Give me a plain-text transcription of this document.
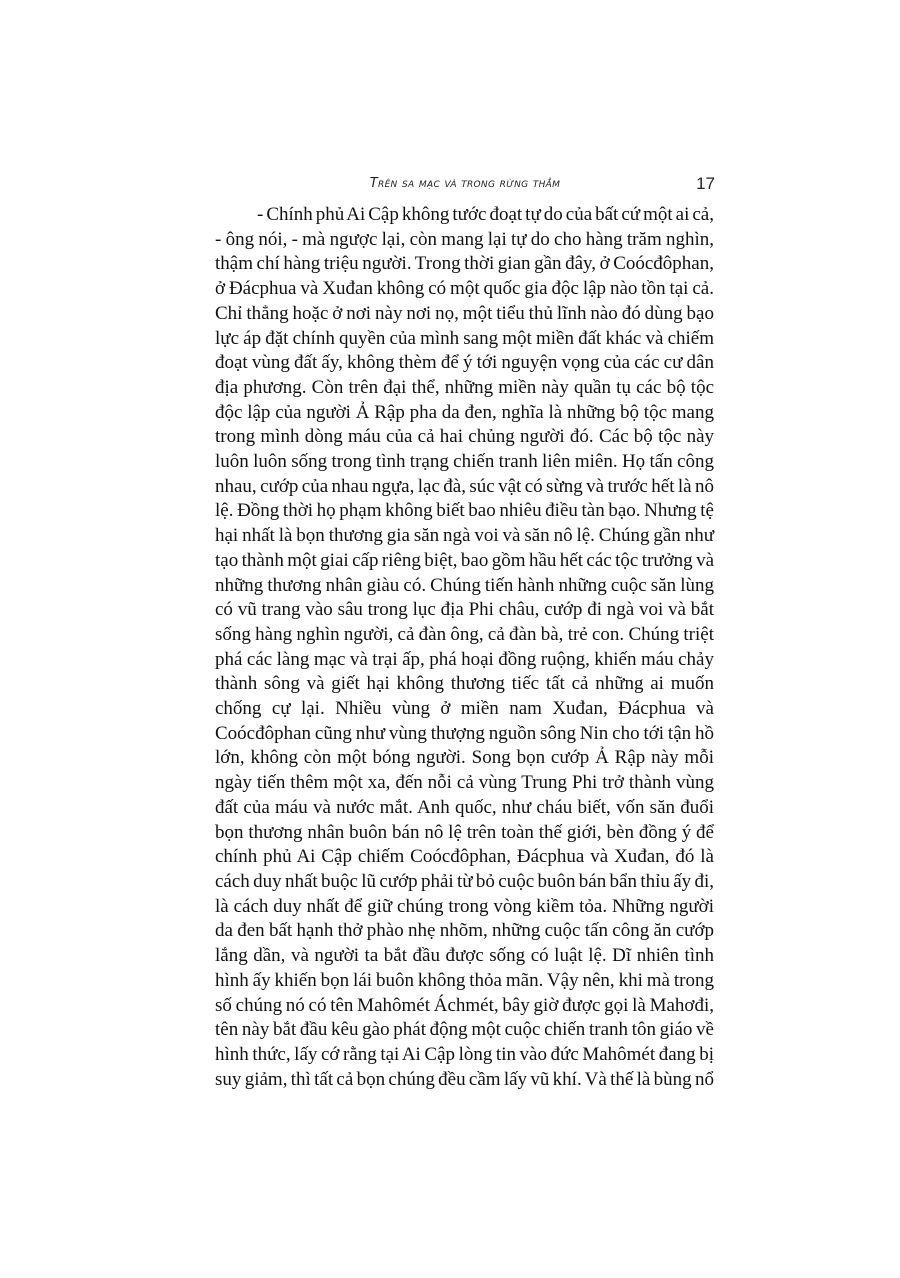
Trên sa mạc và trong rừng thẳm	17
- Chính phủ Ai Cập không tước đoạt tự do của bất cứ một ai cả,
- ông nói, - mà ngược lại, còn mang lại tự do cho hàng trăm nghìn,
thậm chí hàng triệu người. Trong thời gian gần đây, ở Coócđôphan,
ở Đácphua và Xuđan không có một quốc gia độc lập nào tồn tại cả.
Chỉ thẳng hoặc ở nơi này nơi nọ, một tiểu thủ lĩnh nào đó dùng bạo
lực áp đặt chính quyền của mình sang một miền đất khác và chiếm
đoạt vùng đất ấy, không thèm để ý tới nguyện vọng của các cư dân
địa phương. Còn trên đại thể, những miền này quần tụ các bộ tộc
độc lập của người Ả Rập pha da đen, nghĩa là những bộ tộc mang
trong mình dòng máu của cả hai chủng người đó. Các bộ tộc này
luôn luôn sống trong tình trạng chiến tranh liên miên. Họ tấn công
nhau, cướp của nhau ngựa, lạc đà, súc vật có sừng và trước hết là nô
lệ. Đồng thời họ phạm không biết bao nhiêu điều tàn bạo. Nhưng tệ
hại nhất là bọn thương gia săn ngà voi và săn nô lệ. Chúng gần như
tạo thành một giai cấp riêng biệt, bao gồm hầu hết các tộc trưởng và
những thương nhân giàu có. Chúng tiến hành những cuộc săn lùng
có vũ trang vào sâu trong lục địa Phi châu, cướp đi ngà voi và bắt
sống hàng nghìn người, cả đàn ông, cả đàn bà, trẻ con. Chúng triệt
phá các làng mạc và trại ấp, phá hoại đồng ruộng, khiến máu chảy
thành sông và giết hại không thương tiếc tất cả những ai muốn
chống cự lại. Nhiều vùng ở miền nam Xuđan, Đácphua và
Coócđôphan cũng như vùng thượng nguồn sông Nin cho tới tận hồ
lớn, không còn một bóng người. Song bọn cướp Ả Rập này mỗi
ngày tiến thêm một xa, đến nỗi cả vùng Trung Phi trở thành vùng
đất của máu và nước mắt. Anh quốc, như cháu biết, vốn săn đuổi
bọn thương nhân buôn bán nô lệ trên toàn thế giới, bèn đồng ý để
chính phủ Ai Cập chiếm Coócđôphan, Đácphua và Xuđan, đó là
cách duy nhất buộc lũ cướp phải từ bỏ cuộc buôn bán bẩn thỉu ấy đi,
là cách duy nhất để giữ chúng trong vòng kiềm tỏa. Những người
da đen bất hạnh thở phào nhẹ nhõm, những cuộc tấn công ăn cướp
lắng dần, và người ta bắt đầu được sống có luật lệ. Dĩ nhiên tình
hình ấy khiến bọn lái buôn không thỏa mãn. Vậy nên, khi mà trong
số chúng nó có tên Mahômét Áchmét, bây giờ được gọi là Mahơđi,
tên này bắt đầu kêu gào phát động một cuộc chiến tranh tôn giáo về
hình thức, lấy cớ rằng tại Ai Cập lòng tin vào đức Mahômét đang bị
suy giảm, thì tất cả bọn chúng đều cầm lấy vũ khí. Và thế là bùng nổ
